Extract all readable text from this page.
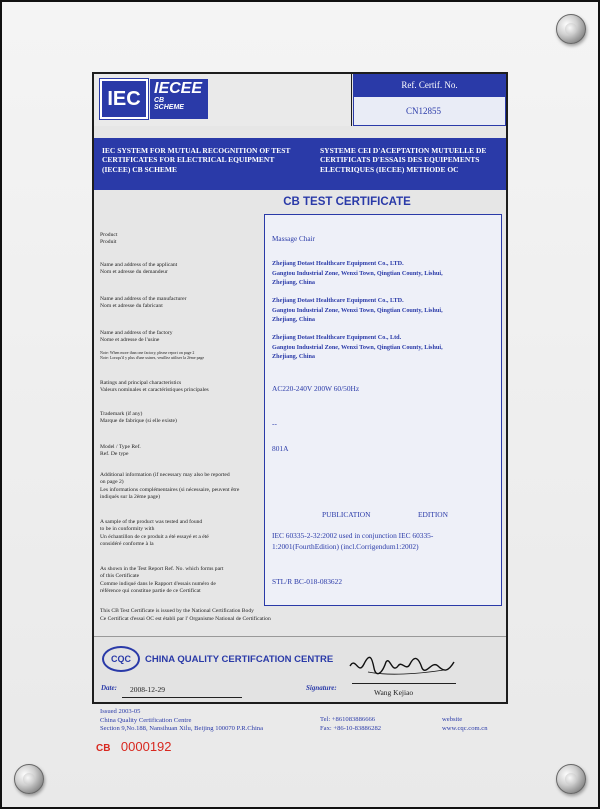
IEC IECEE
CB
SCHEME
Ref. Certif. No.
CN12855
IEC SYSTEM FOR MUTUAL RECOGNITION OF TEST CERTIFICATES FOR ELECTRICAL EQUIPMENT (IECEE) CB SCHEME
SYSTEME CEI D'ACEPTATION MUTUELLE DE CERTIFICATS D'ESSAIS DES EQUIPEMENTS ELECTRIQUES (IECEE) METHODE OC
CB TEST CERTIFICATE
Product
Produit	Massage Chair
Name and address of the applicant
Nom et adresse du demandeur
Zhejiang Dotast Healthcare Equipment Co., LTD.
Gangtou Industrial Zone, Wenxi Town, Qingtian County, Lishui,
Zhejiang, China
Name and address of the manufacturer
Nom et adresse du fabricant
Zhejiang Dotast Healthcare Equipment Co., LTD.
Gangtou Industrial Zone, Wenxi Town, Qingtian County, Lishui,
Zhejiang, China
Name and address of the factory
Nome et adresse de l'usine
Note: When more than one factory, please report on page 2
Note: Lorsqu'il y plus d'une usines, veuillez utiliser la 2ème page
Zhejiang Dotast Healthcare Equipment Co., Ltd.
Gangtou Industrial Zone, Wenxi Town, Qingtian County, Lishui,
Zhejiang, China
Ratings and principal characteristics
Valeurs nominales et caractéristiques principales	AC220-240V 200W 60/50Hz
Trademark (if any)
Marque de fabrique (si elle existe)	--
Model / Type Ref.
Ref. De type
801A
Additional information (if necessary may also be reported
on page 2)
Les informations complémentaires (si nécessaire, peuvent être
indiqués sur la 2ème page)
PUBLICATION	EDITION
A sample of the product was tested and found
to be in conformity with
Un échantillon de ce produit a été essayé et a été
considéré conforme à la
IEC 60335-2-32:2002 used in conjunction IEC 60335-
1:2001(FourthEdition) (incl.Corrigendum1:2002)
As shown in the Test Report Ref. No. which forms part
of this Certificate
Comme indiqué dans le Rapport d'essais numéro de
référence qui constitue partie de ce Certificat
STL/R BC-018-083622
This CB Test Certificate is issued by the National Certification Body
Ce Certificat d'essai OC est établi par l' Organisme National de Certification
CQC	CHINA QUALITY CERTIFCATION CENTRE
Date: 2008-12-29	Signature:	Wang Kejiao
Issued 2003-05
China Quality Certification Centre
Section 9,No.188, Nansihuan Xilu, Beijing 100070 P.R.China
Tel: +861083886666
Fax: +86-10-83886282
website
www.cqc.com.cn
CB 0000192
